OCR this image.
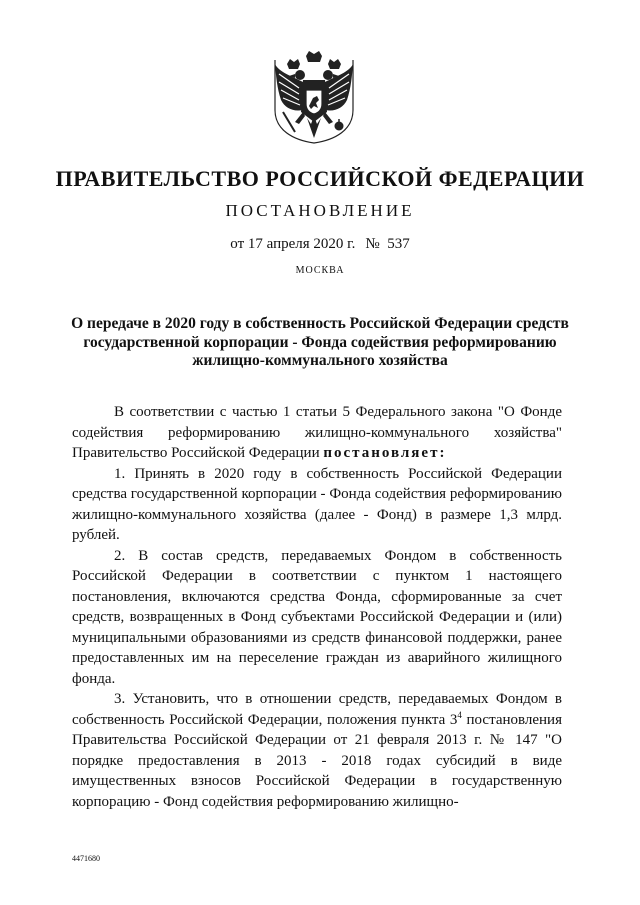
ПРАВИТЕЛЬСТВО РОССИЙСКОЙ ФЕДЕРАЦИИ
ПОСТАНОВЛЕНИЕ
от 17 апреля 2020 г. № 537
МОСКВА
О передаче в 2020 году в собственность Российской Федерации средств государственной корпорации - Фонда содействия реформированию жилищно-коммунального хозяйства

В соответствии с частью 1 статьи 5 Федерального закона "О Фонде содействия реформированию жилищно-коммунального хозяйства" Правительство Российской Федерации постановляет:

1. Принять в 2020 году в собственность Российской Федерации средства государственной корпорации - Фонда содействия реформированию жилищно-коммунального хозяйства (далее - Фонд) в размере 1,3 млрд. рублей.

2. В состав средств, передаваемых Фондом в собственность Российской Федерации в соответствии с пунктом 1 настоящего постановления, включаются средства Фонда, сформированные за счет средств, возвращенных в Фонд субъектами Российской Федерации и (или) муниципальными образованиями из средств финансовой поддержки, ранее предоставленных им на переселение граждан из аварийного жилищного фонда.

3. Установить, что в отношении средств, передаваемых Фондом в собственность Российской Федерации, положения пункта $3^4$ постановления Правительства Российской Федерации от 21 февраля 2013 г. № 147 "О порядке предоставления в 2013 - 2018 годах субсидий в виде имущественных взносов Российской Федерации в государственную корпорацию - Фонд содействия реформированию жилищно-

4471680
